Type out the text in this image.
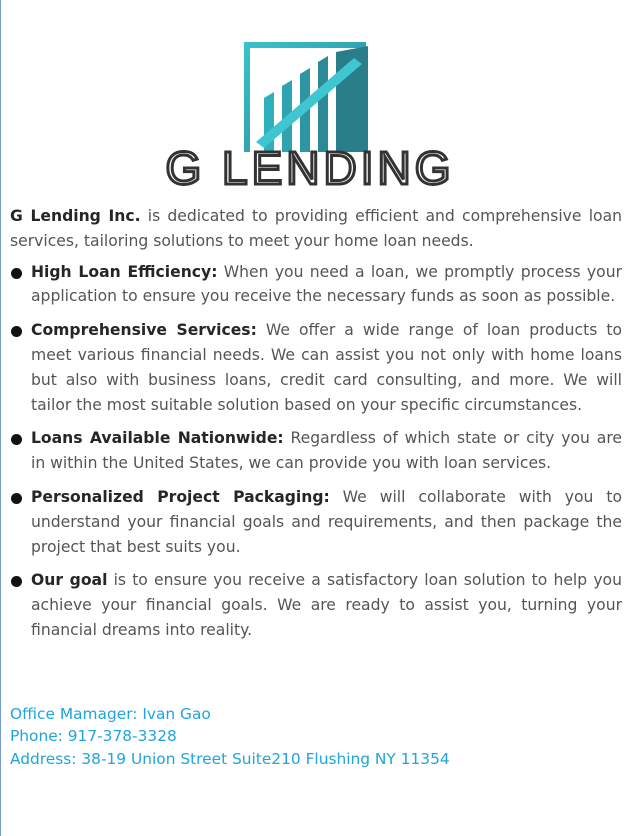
G LENDING

G Lending Inc. is dedicated to providing efficient and comprehensive loan services, tailoring solutions to meet your home loan needs.

High Loan Efficiency: When you need a loan, we promptly process your application to ensure you receive the necessary funds as soon as possible.
Comprehensive Services: We offer a wide range of loan products to meet various financial needs. We can assist you not only with home loans but also with business loans, credit card consulting, and more. We will tailor the most suitable solution based on your specific circumstances.
Loans Available Nationwide: Regardless of which state or city you are in within the United States, we can provide you with loan services.
Personalized Project Packaging: We will collaborate with you to understand your financial goals and requirements, and then package the project that best suits you.
Our goal is to ensure you receive a satisfactory loan solution to help you achieve your financial goals. We are ready to assist you, turning your financial dreams into reality.
Office Mamager: Ivan Gao
Phone: 917-378-3328
Address: 38-19 Union Street Suite210 Flushing NY 11354
